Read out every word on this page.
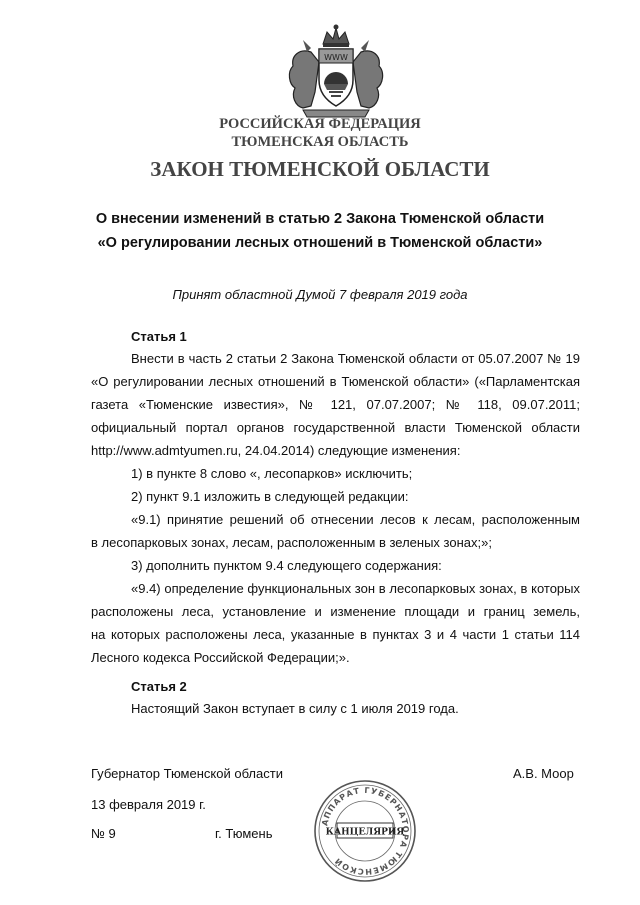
WWW
РОССИЙСКАЯ ФЕДЕРАЦИЯ
ТЮМЕНСКАЯ ОБЛАСТЬ
ЗАКОН ТЮМЕНСКОЙ ОБЛАСТИ
О внесении изменений в статью 2 Закона Тюменской области
«О регулировании лесных отношений в Тюменской области»
Принят областной Думой 7 февраля 2019 года
Статья 1
Внести в часть 2 статьи 2 Закона Тюменской области от 05.07.2007 № 19
«О регулировании лесных отношений в Тюменской области» («Парламентская
газета «Тюменские известия», № 121, 07.07.2007; № 118, 09.07.2011;
официальный портал органов государственной власти Тюменской области
http://www.admtyumen.ru, 24.04.2014) следующие изменения:
1) в пункте 8 слово «, лесопарков» исключить;
2) пункт 9.1 изложить в следующей редакции:
«9.1) принятие решений об отнесении лесов к лесам, расположенным
в лесопарковых зонах, лесам, расположенным в зеленых зонах;»;
3) дополнить пунктом 9.4 следующего содержания:
«9.4) определение функциональных зон в лесопарковых зонах, в которых
расположены леса, установление и изменение площади и границ земель,
на которых расположены леса, указанные в пунктах 3 и 4 части 1 статьи 114
Лесного кодекса Российской Федерации;».
Статья 2
Настоящий Закон вступает в силу с 1 июля 2019 года.
Губернатор Тюменской области	А.В. Моор
13 февраля 2019 г.
№ 9	г. Тюмень
АППАРАТ ГУБЕРНАТОРА ТЮМЕНСКОЙ
КАНЦЕЛЯРИЯ
